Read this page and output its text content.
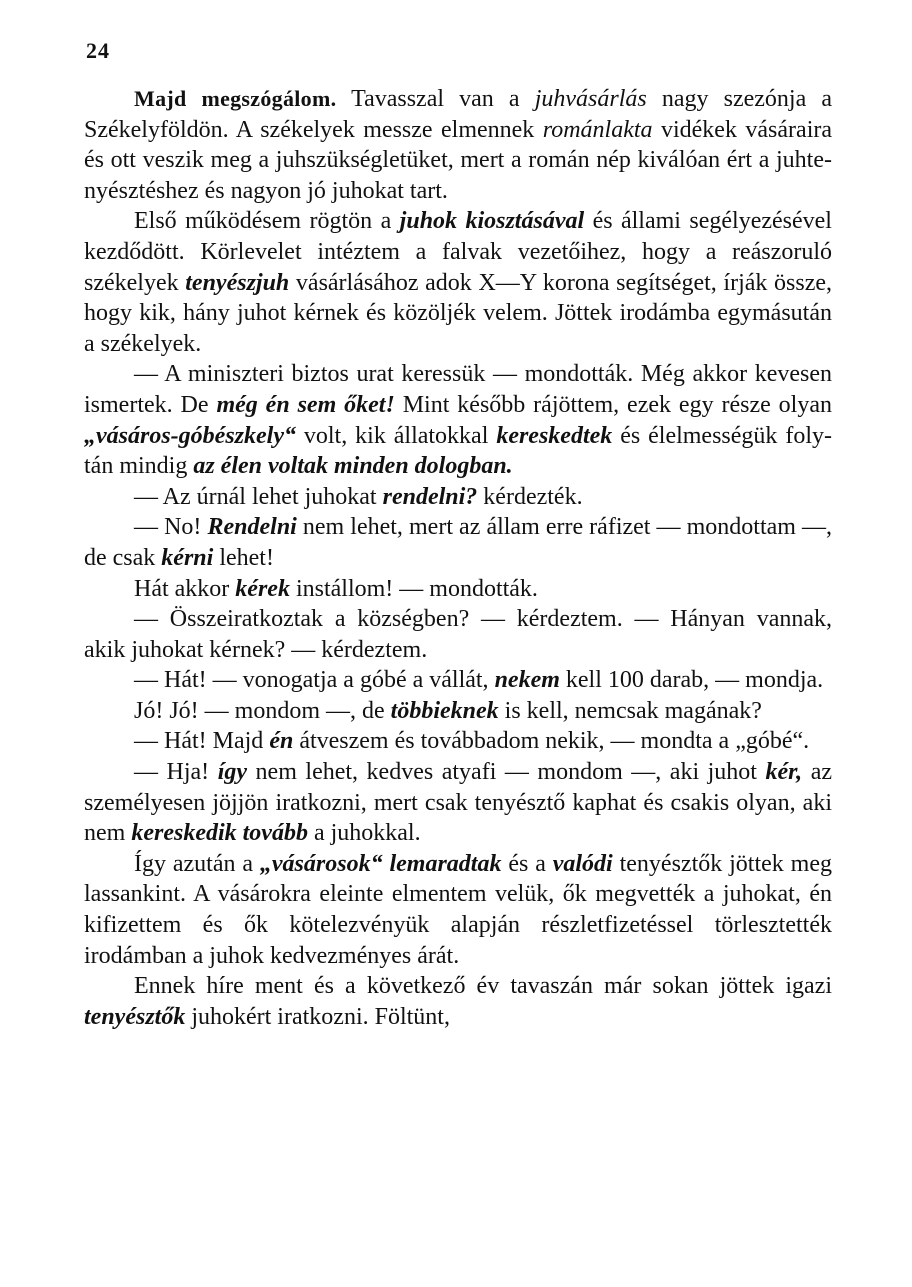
24

Majd megszógálom. Tavasszal van a juhvásárlás nagy szezónja a Székelyföldön. A székelyek messze elmennek románlakta vidékek vásáraira és ott veszik meg a juhszükségletüket, mert a román nép kiválóan ért a juhtenyésztéshez és nagyon jó juhokat tart.

Első működésem rögtön a juhok kiosztásával és állami segélyezésével kezdődött. Körlevelet intéztem a falvak vezetőihez, hogy a reászoruló székelyek tenyészjuh vásárlásához adok X—Y korona segítséget, írják össze, hogy kik, hány juhot kérnek és közöljék velem. Jöttek irodámba egymásután a székelyek.

— A miniszteri biztos urat keressük — mondották. Még akkor kevesen ismertek. De még én sem őket! Mint később rájöttem, ezek egy része olyan „vásáros-góbészkely“ volt, kik állatokkal kereskedtek és élelmességük folytán mindig az élen voltak minden dologban.

— Az úrnál lehet juhokat rendelni? kérdezték.

— No! Rendelni nem lehet, mert az állam erre ráfizet — mondottam —, de csak kérni lehet!

Hát akkor kérek instállom! — mondották.

— Összeiratkoztak a községben? — kérdeztem. — Hányan vannak, akik juhokat kérnek? — kérdeztem.

— Hát! — vonogatja a góbé a vállát, nekem kell 100 darab, — mondja.

Jó! Jó! — mondom —, de többieknek is kell, nemcsak magának?

— Hát! Majd én átveszem és továbbadom nekik, — mondta a „góbé“.

— Hja! így nem lehet, kedves atyafi — mondom —, aki juhot kér, az személyesen jöjjön iratkozni, mert csak tenyésztő kaphat és csakis olyan, aki nem kereskedik tovább a juhokkal.

Így azután a „vásárosok“ lemaradtak és a valódi tenyésztők jöttek meg lassankint. A vásárokra eleinte elmentem velük, ők megvették a juhokat, én kifizettem és ők kötelezvényük alapján részletfizetéssel törlesztették irodámban a juhok kedvezményes árát.

Ennek híre ment és a következő év tavaszán már sokan jöttek igazi tenyésztők juhokért iratkozni. Föltünt,
